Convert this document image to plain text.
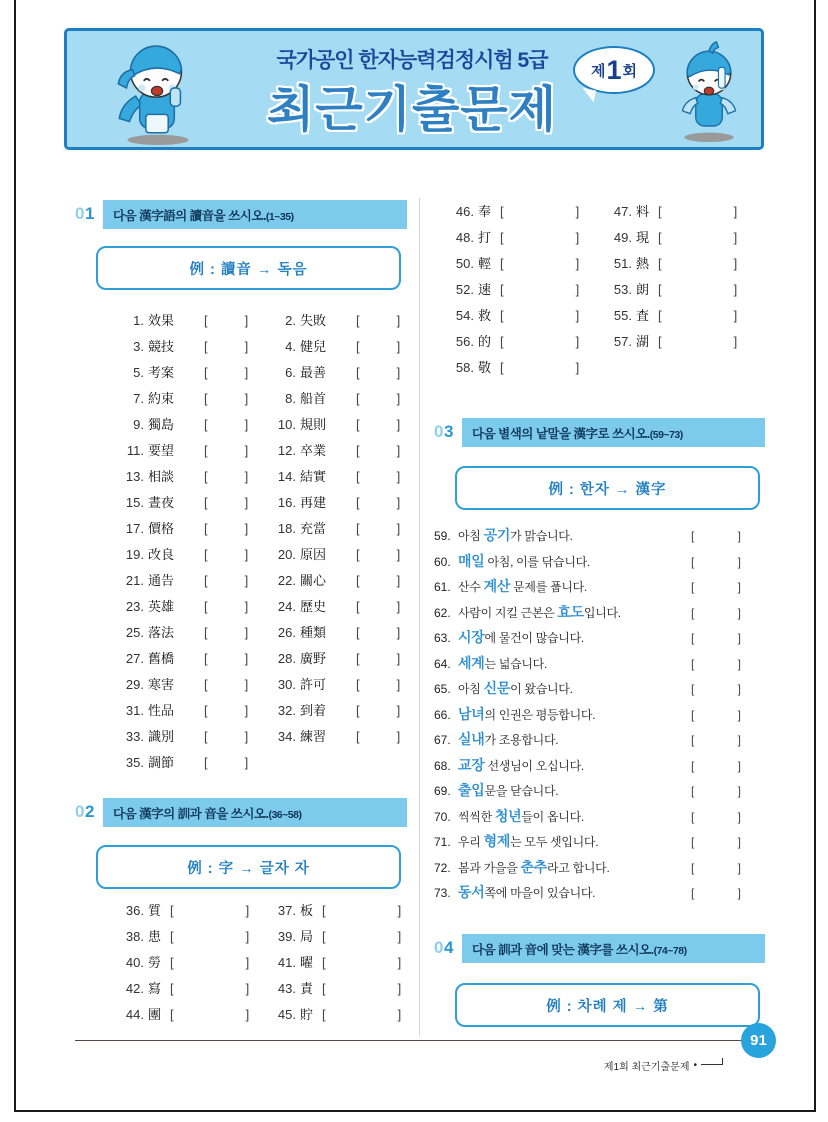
국가공인 한자능력검정시험 5급
최근기출문제
제 1 회
01	다음 漢字語의 讀音을 쓰시오.(1~35)
例 : 讀音 → 독음
1. 效果	[	]	2. 失敗	[	]
3. 競技	[	]	4. 健兒	[	]
5. 考案	[	]	6. 最善	[	]
7. 約束	[	]	8. 船首	[	]
9. 獨島	[	]	10. 規則	[	]
11. 要望	[	]	12. 卒業	[	]
13. 相談	[	]	14. 結實	[	]
15. 晝夜	[	]	16. 再建	[	]
17. 價格	[	]	18. 充當	[	]
19. 改良	[	]	20. 原因	[	]
21. 通告	[	]	22. 關心	[	]
23. 英雄	[	]	24. 歷史	[	]
25. 落法	[	]	26. 種類	[	]
27. 舊橋	[	]	28. 廣野	[	]
29. 寒害	[	]	30. 許可	[	]
31. 性品	[	]	32. 到着	[	]
33. 識別	[	]	34. 練習	[	]
35. 調節	[	]
02	다음 漢字의 訓과 音을 쓰시오.(36~58)
例 : 字 → 글자 자
36. 質 [	]	37. 板 [	]
38. 患 [	]	39. 局 [	]
40. 勞 [	]	41. 曜 [	]
42. 寫 [	]	43. 責 [	]
44. 團 [	]	45. 貯 [	]
46. 奉 [	]	47. 料 [	]
48. 打 [	]	49. 現 [	]
50. 輕 [	]	51. 熱 [	]
52. 速 [	]	53. 朗 [	]
54. 救 [	]	55. 査 [	]
56. 的 [	]	57. 湖 [	]
58. 敬 [	]
03	다음 별색의 낱말을 漢字로 쓰시오.(59~73)
例 : 한자 → 漢字
59. 아침 공기가 맑습니다.	[	]
60. 매일 아침, 이를 닦습니다.	[	]
61. 산수 계산 문제를 풉니다.	[	]
62. 사람이 지킬 근본은 효도입니다.	[	]
63. 시장에 물건이 많습니다.	[	]
64. 세계는 넓습니다.	[	]
65. 아침 신문이 왔습니다.	[	]
66. 남녀의 인권은 평등합니다.	[	]
67. 실내가 조용합니다.	[	]
68. 교장 선생님이 오십니다.	[	]
69. 출입문을 닫습니다.	[	]
70. 씩씩한 청년들이 옵니다.	[	]
71. 우리 형제는 모두 셋입니다.	[	]
72. 봄과 가을을 춘추라고 합니다.	[	]
73. 동서쪽에 마을이 있습니다.	[	]
04	다음 訓과 音에 맞는 漢字를 쓰시오.(74~78)
例 : 차례 제 → 第
91
제1회 최근기출문제 •
